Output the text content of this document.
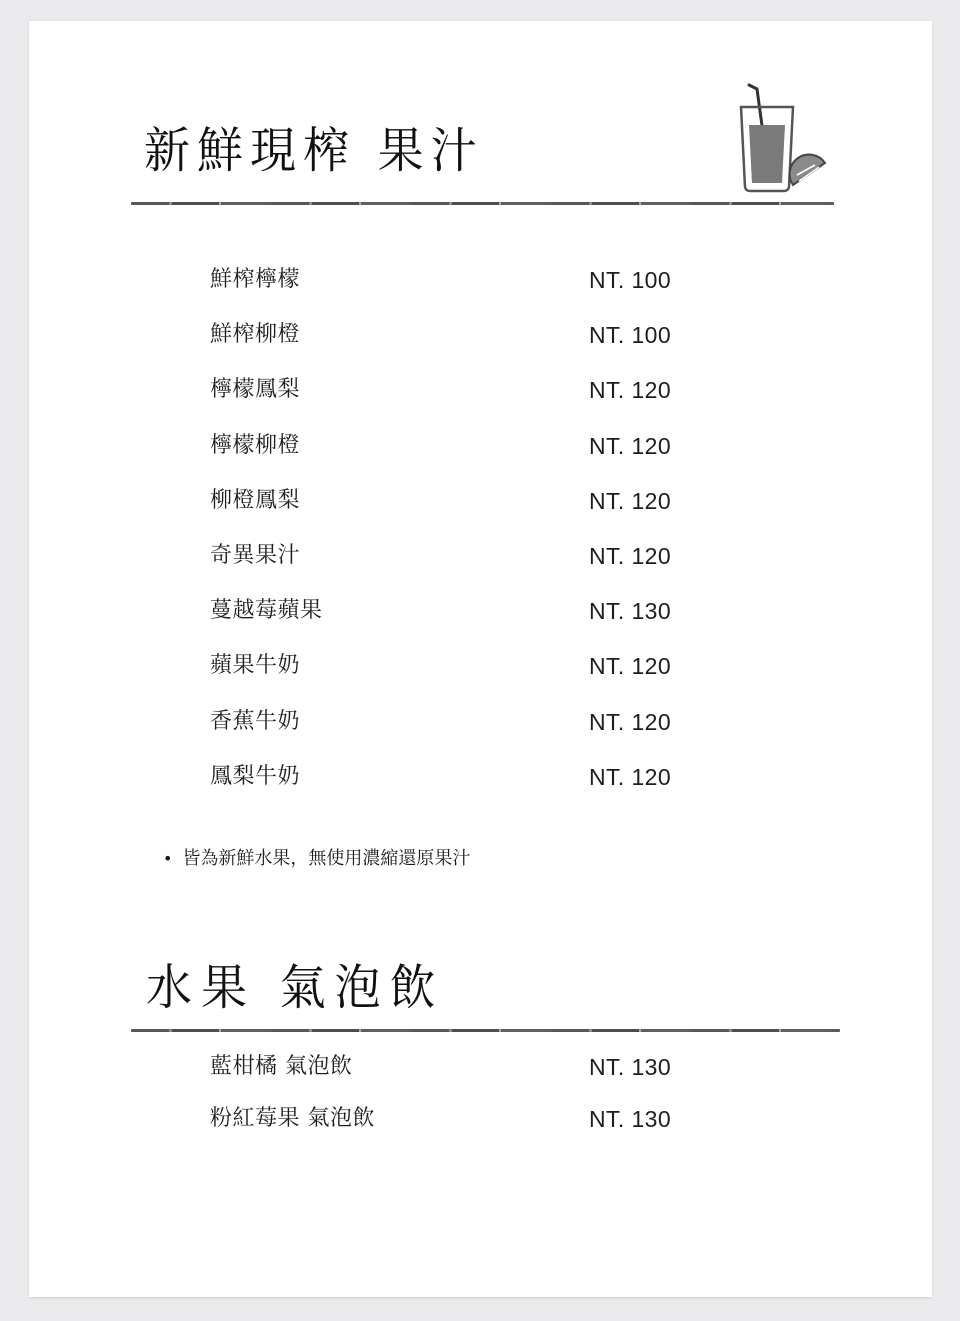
新鮮現榨 果汁
鮮榨檸檬	NT. 100
鮮榨柳橙	NT. 100
檸檬鳳梨	NT. 120
檸檬柳橙	NT. 120
柳橙鳳梨	NT. 120
奇異果汁	NT. 120
蔓越莓蘋果	NT. 130
蘋果牛奶	NT. 120
香蕉牛奶	NT. 120
鳳梨牛奶	NT. 120

• 皆為新鮮水果，無使用濃縮還原果汁

水果 氣泡飲
藍柑橘 氣泡飲	NT. 130
粉紅莓果 氣泡飲	NT. 130
